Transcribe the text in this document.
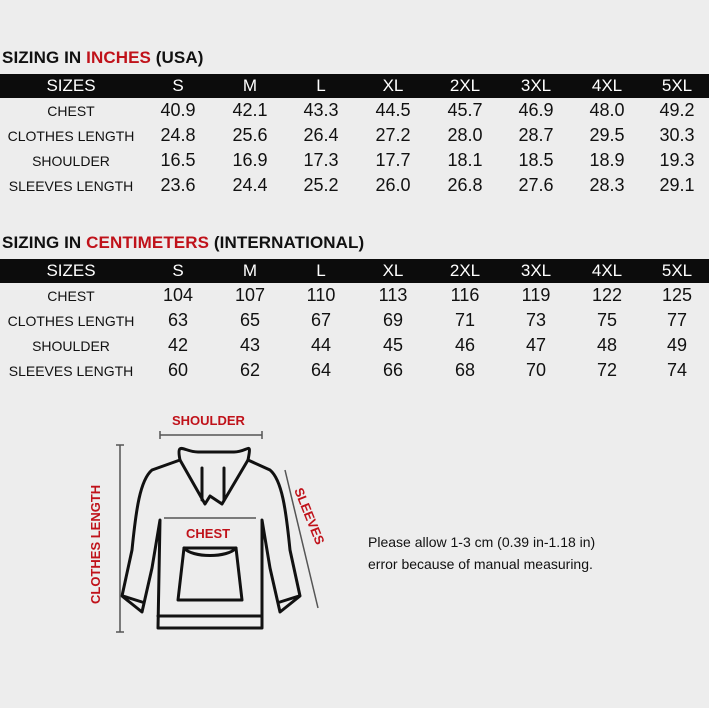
SIZING IN INCHES (USA)
SIZES	S	M	L	XL	2XL	3XL	4XL	5XL
CHEST	40.9	42.1	43.3	44.5	45.7	46.9	48.0	49.2
CLOTHES LENGTH	24.8	25.6	26.4	27.2	28.0	28.7	29.5	30.3
SHOULDER	16.5	16.9	17.3	17.7	18.1	18.5	18.9	19.3
SLEEVES LENGTH	23.6	24.4	25.2	26.0	26.8	27.6	28.3	29.1
SIZING IN CENTIMETERS (INTERNATIONAL)
SIZES	S	M	L	XL	2XL	3XL	4XL	5XL
CHEST	104	107	110	113	116	119	122	125
CLOTHES LENGTH	63	65	67	69	71	73	75	77
SHOULDER	42	43	44	45	46	47	48	49
SLEEVES LENGTH	60	62	64	66	68	70	72	74
SHOULDER
CHEST
CLOTHES LENGTH	SLEEVES	Please allow 1-3 cm (0.39 in-1.18 in)
error because of manual measuring.
